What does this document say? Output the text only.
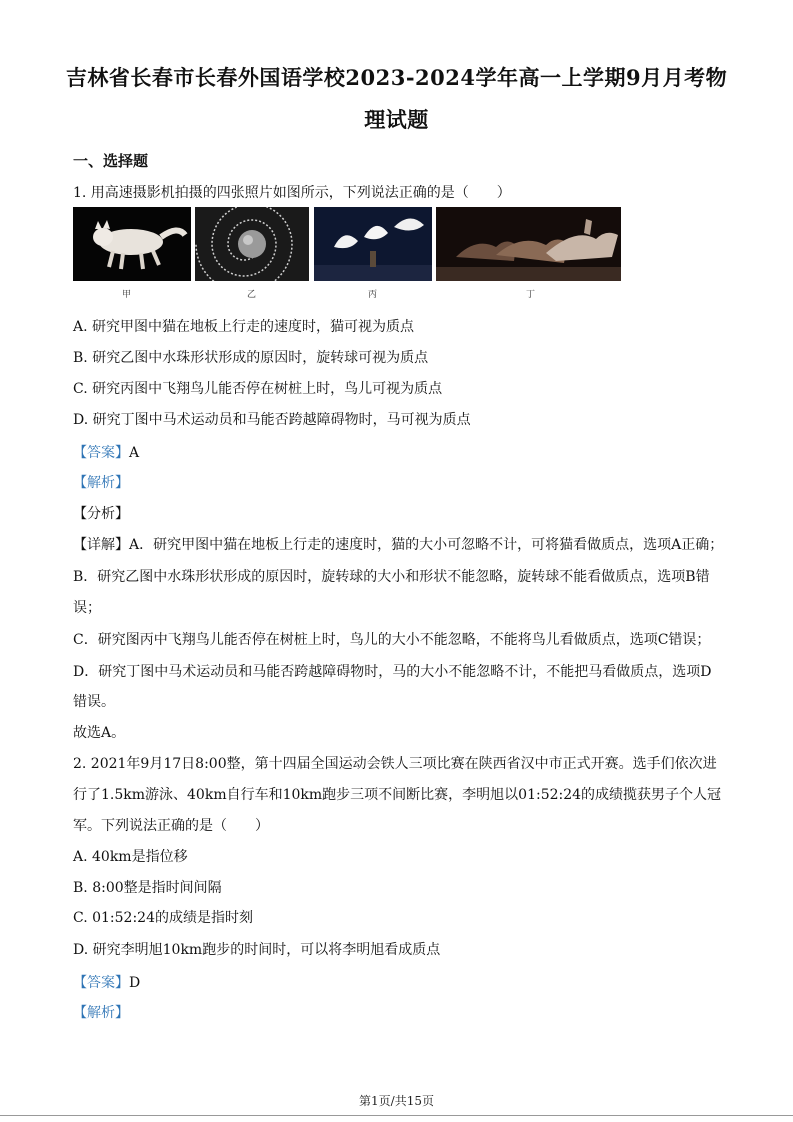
吉林省长春市长春外国语学校2023-2024学年高一上学期9月月考物
理试题
一、选择题
1. 用高速摄影机拍摄的四张照片如图所示，下列说法正确的是（　　）
甲	乙	丙	丁
A. 研究甲图中猫在地板上行走的速度时，猫可视为质点
B. 研究乙图中水珠形状形成的原因时，旋转球可视为质点
C. 研究丙图中飞翔鸟儿能否停在树桩上时，鸟儿可视为质点
D. 研究丁图中马术运动员和马能否跨越障碍物时，马可视为质点
【答案】A
【解析】
【分析】
【详解】A．研究甲图中猫在地板上行走的速度时，猫的大小可忽略不计，可将猫看做质点，选项A正确；
B．研究乙图中水珠形状形成的原因时，旋转球的大小和形状不能忽略，旋转球不能看做质点，选项B错
误；
C．研究图丙中飞翔鸟儿能否停在树桩上时，鸟儿的大小不能忽略，不能将鸟儿看做质点，选项C错误；
D．研究丁图中马术运动员和马能否跨越障碍物时，马的大小不能忽略不计，不能把马看做质点，选项D
错误。
故选A。
2. 2021年9月17日8:00整，第十四届全国运动会铁人三项比赛在陕西省汉中市正式开赛。选手们依次进
行了1.5km游泳、40km自行车和10km跑步三项不间断比赛，李明旭以01:52:24的成绩揽获男子个人冠
军。下列说法正确的是（　　）
A. 40km是指位移
B. 8:00整是指时间间隔
C. 01:52:24的成绩是指时刻
D. 研究李明旭10km跑步的时间时，可以将李明旭看成质点
【答案】D
【解析】
第1页/共15页
